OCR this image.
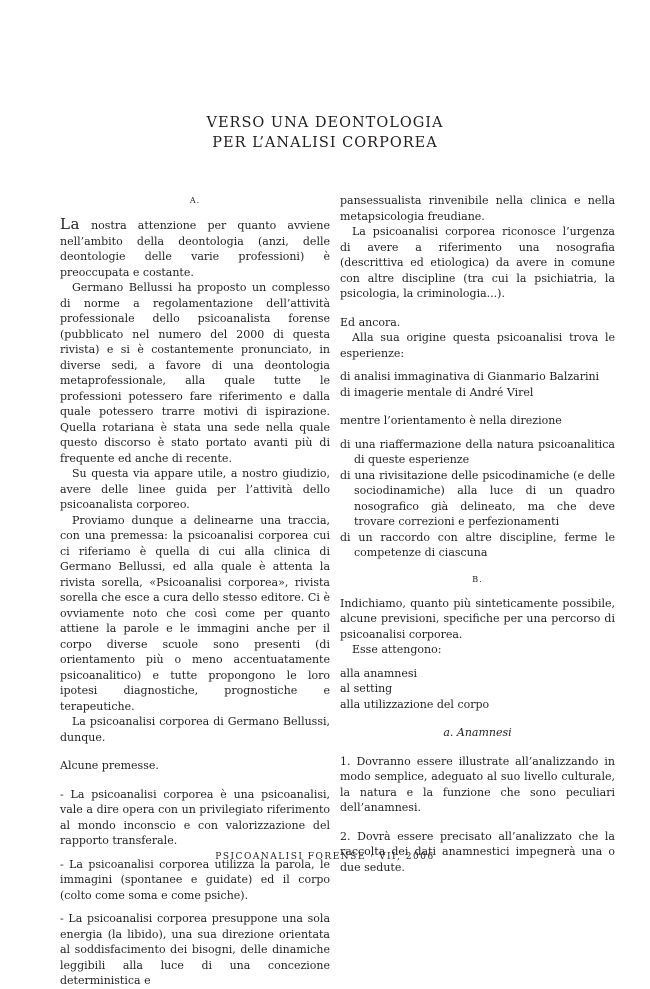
VERSO UNA DEONTOLOGIA
PER L’ANALISI CORPOREA

A.

La nostra attenzione per quanto avviene nell’ambito della deontologia (anzi, delle deontologie delle varie professioni) è preoccupata e costante.

Germano Bellussi ha proposto un complesso di norme a regolamentazione dell’attività professionale dello psicoanalista forense (pubblicato nel numero del 2000 di questa rivista) e si è costantemente pronunciato, in diverse sedi, a favore di una deontologia metaprofessionale, alla quale tutte le professioni potessero fare riferimento e dalla quale potessero trarre motivi di ispirazione. Quella rotariana è stata una sede nella quale questo discorso è stato portato avanti più di frequente ed anche di recente.

Su questa via appare utile, a nostro giudizio, avere delle linee guida per l’attività dello psicoanalista corporeo.

Proviamo dunque a delinearne una traccia, con una premessa: la psicoanalisi corporea cui ci riferiamo è quella di cui alla clinica di Germano Bellussi, ed alla quale è attenta la rivista sorella, «Psicoanalisi corporea», rivista sorella che esce a cura dello stesso editore. Ci è ovviamente noto che così come per quanto attiene la parole e le immagini anche per il corpo diverse scuole sono presenti (di orientamento più o meno accentuatamente psicoanalitico) e tutte propongono le loro ipotesi diagnostiche, prognostiche e terapeutiche.

La psicoanalisi corporea di Germano Bellussi, dunque.

Alcune premesse.

- La psicoanalisi corporea è una psicoanalisi, vale a dire opera con un privilegiato riferimento al mondo inconscio e con valorizzazione del rapporto transferale.

- La psicoanalisi corporea utilizza la parola, le immagini (spontanee e guidate) ed il corpo (colto come soma e come psiche).

- La psicoanalisi corporea presuppone una sola energia (la libido), una sua direzione orientata al soddisfacimento dei bisogni, delle dinamiche leggibili alla luce di una concezione deterministica e

pansessualista rinvenibile nella clinica e nella metapsicologia freudiane.

La psicoanalisi corporea riconosce l’urgenza di avere a riferimento una nosografia (descrittiva ed etiologica) da avere in comune con altre discipline (tra cui la psichiatria, la psicologia, la criminologia...).

Ed ancora.

Alla sua origine questa psicoanalisi trova le esperienze:

di analisi immaginativa di Gianmario Balzarini

di imagerie mentale di André Virel

mentre l’orientamento è nella direzione

di una riaffermazione della natura psicoanalitica di queste esperienze

di una rivisitazione delle psicodinamiche (e delle sociodinamiche) alla luce di un quadro nosografico già delineato, ma che deve trovare correzioni e perfezionamenti

di un raccordo con altre discipline, ferme le competenze di ciascuna

B.

Indichiamo, quanto più sinteticamente possibile, alcune previsioni, specifiche per una percorso di psicoanalisi corporea.

Esse attengono:

alla anamnesi

al setting

alla utilizzazione del corpo

a. Anamnesi

1. Dovranno essere illustrate all’analizzando in modo semplice, adeguato al suo livello culturale, la natura e la funzione che sono peculiari dell’anamnesi.

2. Dovrà essere precisato all’analizzato che la raccolta dei dati anamnestici impegnerà una o due sedute.

PSICOANALISI FORENSE · VII, 2006
